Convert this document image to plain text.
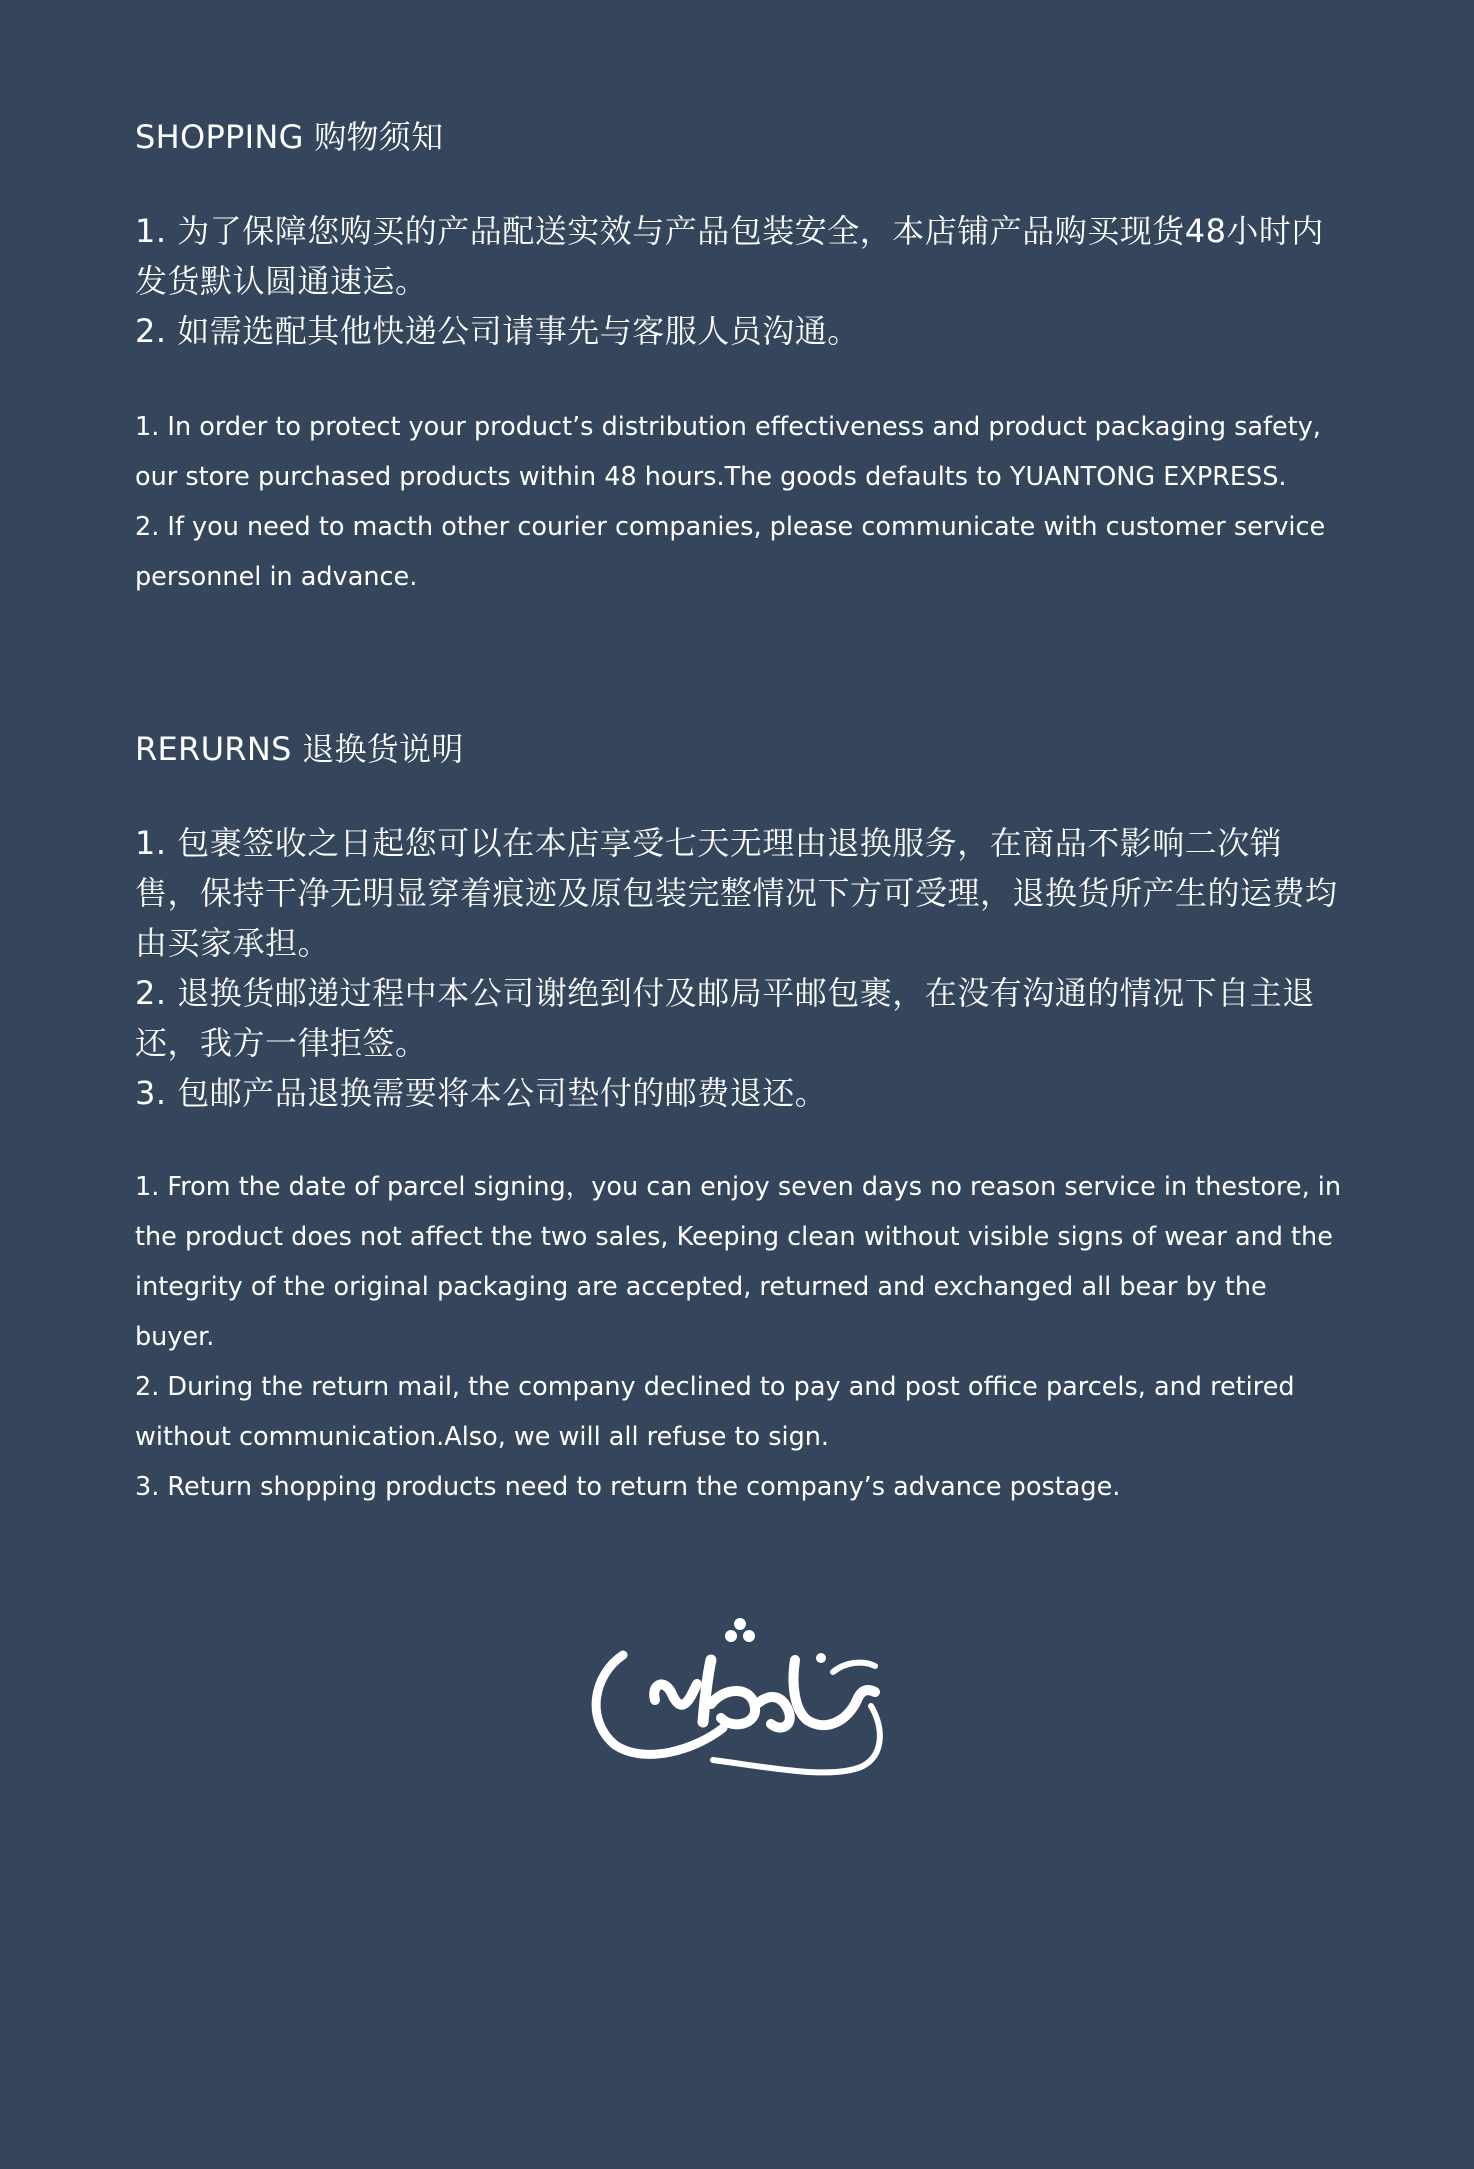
SHOPPING 购物须知

1. 为了保障您购买的产品配送实效与产品包装安全，本店铺产品购买现货48小时内发货默认圆通速运。

2. 如需选配其他快递公司请事先与客服人员沟通。

1. In order to protect your product’s distribution effectiveness and product packaging safety, our store purchased products within 48 hours.The goods defaults to YUANTONG EXPRESS.

2. If you need to macth other courier companies, please communicate with customer service personnel in advance.

RERURNS 退换货说明

1. 包裹签收之日起您可以在本店享受七天无理由退换服务，在商品不影响二次销售，保持干净无明显穿着痕迹及原包装完整情况下方可受理，退换货所产生的运费均由买家承担。

2. 退换货邮递过程中本公司谢绝到付及邮局平邮包裹，在没有沟通的情况下自主退还，我方一律拒签。

3. 包邮产品退换需要将本公司垫付的邮费退还。

1. From the date of parcel signing，you can enjoy seven days no reason service in thestore, in the product does not affect the two sales, Keeping clean without visible signs of wear and the integrity of the original packaging are accepted, returned and exchanged all bear by the buyer.

2. During the return mail, the company declined to pay and post office parcels, and retired without communication.Also, we will all refuse to sign.

3. Return shopping products need to return the company’s advance postage.
